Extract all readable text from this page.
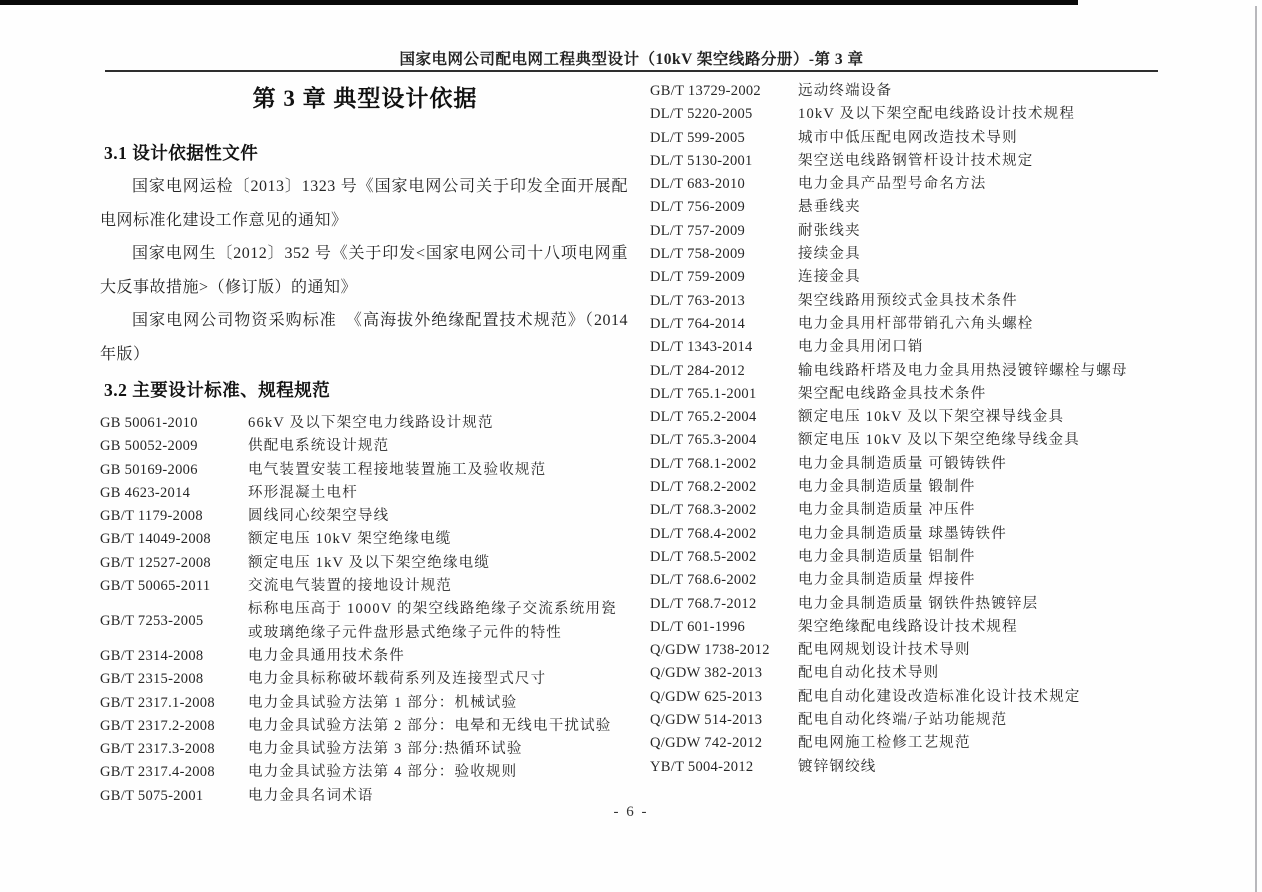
国家电网公司配电网工程典型设计（10kV 架空线路分册）-第 3 章
第 3 章 典型设计依据
3.1 设计依据性文件

国家电网运检〔2013〕1323 号《国家电网公司关于印发全面开展配电网标准化建设工作意见的通知》

国家电网生〔2012〕352 号《关于印发<国家电网公司十八项电网重大反事故措施>（修订版）的通知》

国家电网公司物资采购标准　《高海拔外绝缘配置技术规范》（2014年版）

3.2 主要设计标准、规程规范
GB 50061-2010	66kV 及以下架空电力线路设计规范
GB 50052-2009	供配电系统设计规范
GB 50169-2006	电气装置安装工程接地装置施工及验收规范
GB 4623-2014	环形混凝土电杆
GB/T 1179-2008	圆线同心绞架空导线
GB/T 14049-2008	额定电压 10kV 架空绝缘电缆
GB/T 12527-2008	额定电压 1kV 及以下架空绝缘电缆
GB/T 50065-2011	交流电气装置的接地设计规范
GB/T 7253-2005
标称电压高于 1000V 的架空线路绝缘子交流系统用瓷或玻璃绝缘子元件盘形悬式绝缘子元件的特性
GB/T 2314-2008	电力金具通用技术条件
GB/T 2315-2008	电力金具标称破坏载荷系列及连接型式尺寸
GB/T 2317.1-2008	电力金具试验方法第 1 部分：机械试验
GB/T 2317.2-2008	电力金具试验方法第 2 部分：电晕和无线电干扰试验
GB/T 2317.3-2008	电力金具试验方法第 3 部分:热循环试验
GB/T 2317.4-2008	电力金具试验方法第 4 部分：验收规则
GB/T 5075-2001	电力金具名词术语
GB/T 13729-2002	远动终端设备
DL/T 5220-2005	10kV 及以下架空配电线路设计技术规程
DL/T 599-2005	城市中低压配电网改造技术导则
DL/T 5130-2001	架空送电线路钢管杆设计技术规定
DL/T 683-2010	电力金具产品型号命名方法
DL/T 756-2009	悬垂线夹
DL/T 757-2009	耐张线夹
DL/T 758-2009	接续金具
DL/T 759-2009	连接金具
DL/T 763-2013	架空线路用预绞式金具技术条件
DL/T 764-2014	电力金具用杆部带销孔六角头螺栓
DL/T 1343-2014	电力金具用闭口销
DL/T 284-2012	输电线路杆塔及电力金具用热浸镀锌螺栓与螺母
DL/T 765.1-2001	架空配电线路金具技术条件
DL/T 765.2-2004	额定电压 10kV 及以下架空裸导线金具
DL/T 765.3-2004	额定电压 10kV 及以下架空绝缘导线金具
DL/T 768.1-2002	电力金具制造质量 可锻铸铁件
DL/T 768.2-2002	电力金具制造质量 锻制件
DL/T 768.3-2002	电力金具制造质量 冲压件
DL/T 768.4-2002	电力金具制造质量 球墨铸铁件
DL/T 768.5-2002	电力金具制造质量 铝制件
DL/T 768.6-2002	电力金具制造质量 焊接件
DL/T 768.7-2012	电力金具制造质量 钢铁件热镀锌层
DL/T 601-1996	架空绝缘配电线路设计技术规程
Q/GDW 1738-2012	配电网规划设计技术导则
Q/GDW 382-2013	配电自动化技术导则
Q/GDW 625-2013	配电自动化建设改造标准化设计技术规定
Q/GDW 514-2013	配电自动化终端/子站功能规范
Q/GDW 742-2012	配电网施工检修工艺规范
YB/T 5004-2012	镀锌钢绞线
- 6 -
